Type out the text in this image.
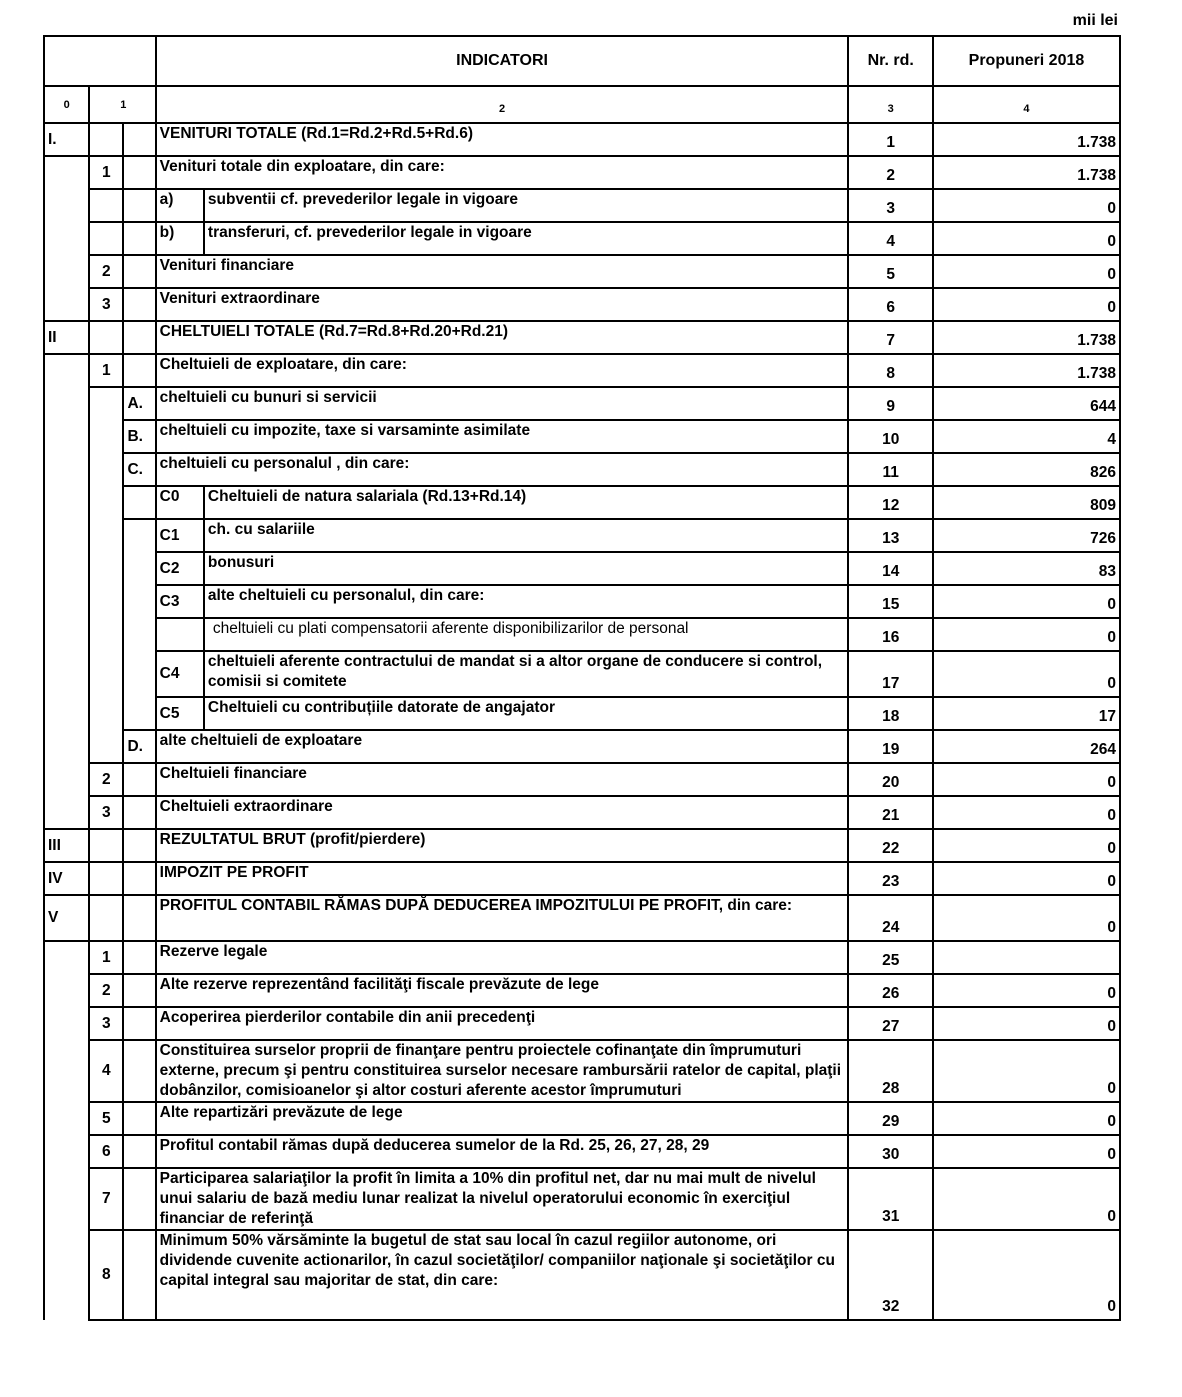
mii lei
			INDICATORI		Nr. rd.	Propuneri 2018
0	1		2		3	4
I.			VENITURI TOTALE (Rd.1=Rd.2+Rd.5+Rd.6)		1	1.738
	1		Venituri totale din exploatare, din care:		2	1.738
			a)	subventii cf. prevederilor legale in vigoare	3	0
			b)	transferuri, cf. prevederilor legale in vigoare	4	0
	2		Venituri financiare		5	0
	3		Venituri extraordinare		6	0
II			CHELTUIELI TOTALE (Rd.7=Rd.8+Rd.20+Rd.21)		7	1.738
	1		Cheltuieli de exploatare, din care:		8	1.738
		A.	cheltuieli cu bunuri si servicii		9	644
		B.	cheltuieli cu impozite, taxe si varsaminte asimilate		10	4
		C.	cheltuieli cu personalul , din care:		11	826
			C0	Cheltuieli de natura salariala (Rd.13+Rd.14)	12	809
			C1	ch. cu salariile	13	726
			C2	bonusuri	14	83
			C3	alte cheltuieli cu personalul, din care:	15	0
				cheltuieli cu plati compensatorii aferente disponibilizarilor de personal	16	0
			C4	cheltuieli aferente contractului de mandat si a altor organe de conducere si control, comisii si comitete	17	0
			C5	Cheltuieli cu contribuțiile datorate de angajator	18	17
		D.	alte cheltuieli de exploatare		19	264
	2		Cheltuieli financiare		20	0
	3		Cheltuieli extraordinare		21	0
III			REZULTATUL BRUT (profit/pierdere)		22	0
IV			IMPOZIT PE PROFIT		23	0
V			PROFITUL CONTABIL RĂMAS DUPĂ DEDUCEREA IMPOZITULUI PE PROFIT, din care:		24	0
	1		Rezerve legale		25	
	2		Alte rezerve reprezentând facilităţi fiscale prevăzute de lege		26	0
	3		Acoperirea pierderilor contabile din anii precedenţi		27	0
	4		Constituirea surselor proprii de finanţare pentru proiectele cofinanţate din împrumuturi externe, precum şi pentru constituirea surselor necesare rambursării ratelor de capital, plaţii dobânzilor, comisioanelor şi altor costuri aferente acestor împrumuturi		28	0
	5		Alte repartizări prevăzute de lege		29	0
	6		Profitul contabil rămas după deducerea sumelor de la Rd. 25, 26, 27, 28, 29		30	0
	7		Participarea salariaţilor la profit în limita a 10% din profitul net, dar nu mai mult de nivelul unui salariu de bază mediu lunar realizat la nivelul operatorului economic în exerciţiul financiar de referinţă		31	0
	8		Minimum 50% vărsăminte la bugetul de stat sau local în cazul regiilor autonome, ori dividende cuvenite actionarilor, în cazul societăţilor/ companiilor naţionale şi societăţilor cu capital integral sau majoritar de stat, din care:		32	0
